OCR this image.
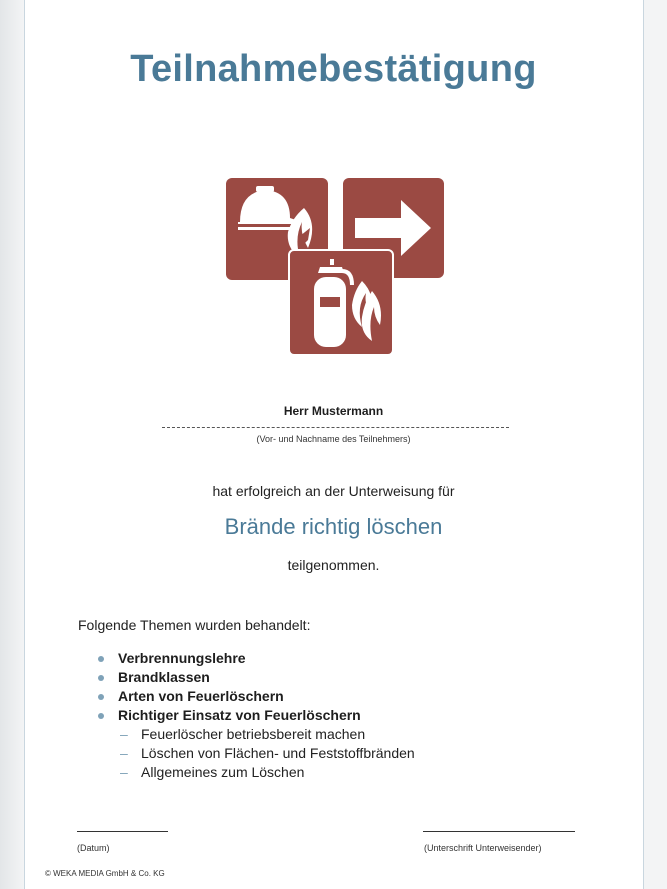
Teilnahmebestätigung
Herr Mustermann
(Vor- und Nachname des Teilnehmers)
hat erfolgreich an der Unterweisung für
Brände richtig löschen
teilgenommen.
Folgende Themen wurden behandelt:
Verbrennungslehre
Brandklassen
Arten von Feuerlöschern
Richtiger Einsatz von Feuerlöschern
– Feuerlöscher betriebsbereit machen
– Löschen von Flächen- und Feststoffbränden
– Allgemeines zum Löschen
(Datum)	(Unterschrift Unterweisender)
© WEKA MEDIA GmbH & Co. KG
